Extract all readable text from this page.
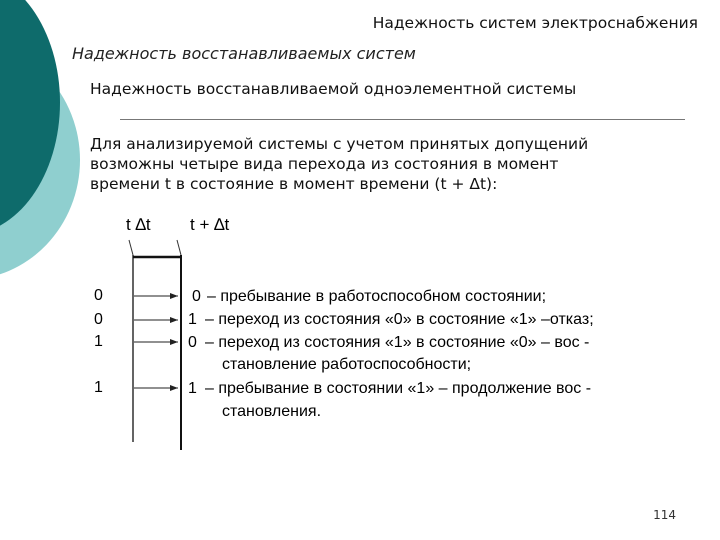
Надежность систем электроснабжения
Надежность восстанавливаемых систем
Надежность восстанавливаемой одноэлементной системы
Для анализируемой системы с учетом принятых допущений
возможны четыре вида перехода из состояния в момент
времени t в состояние в момент времени (t + Δt):
t ∆t t + ∆t
0
0
1
1
0
1
0
1
– пребывание в работоспособном состоянии;
– переход из состояния «0» в состояние «1» –отказ;
– переход из состояния «1» в состояние «0» – вос -
становление работоспособности;
– пребывание в состоянии «1» – продолжение вос -
становления.
114
